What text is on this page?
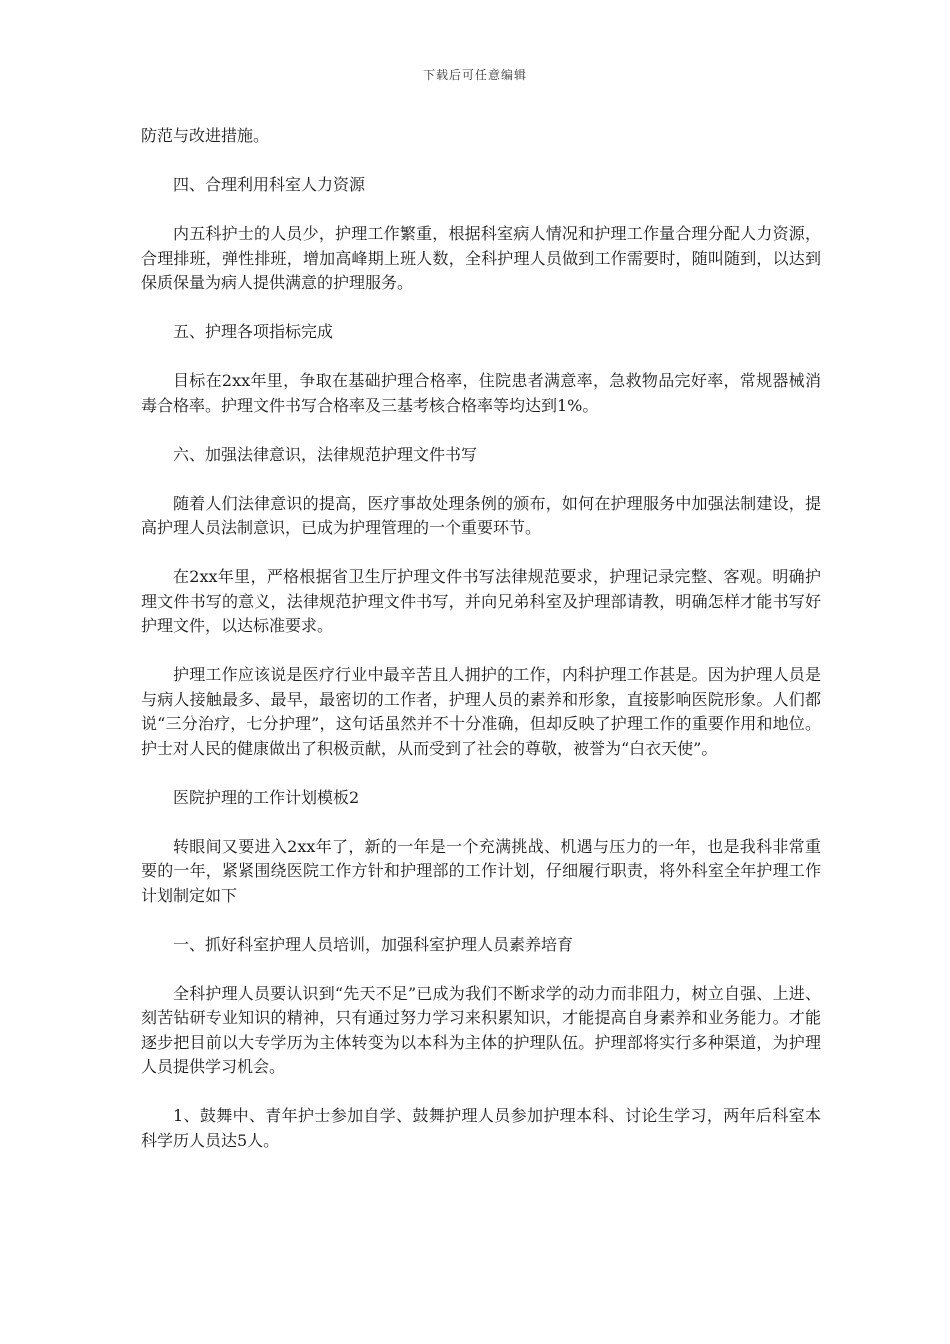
下载后可任意编辑

防范与改进措施。

四、合理利用科室人力资源

内五科护士的人员少，护理工作繁重，根据科室病人情况和护理工作量合理分配人力资源，合理排班，弹性排班，增加高峰期上班人数，全科护理人员做到工作需要时，随叫随到，以达到保质保量为病人提供满意的护理服务。

五、护理各项指标完成

目标在2xx年里，争取在基础护理合格率，住院患者满意率，急救物品完好率，常规器械消毒合格率。护理文件书写合格率及三基考核合格率等均达到1%。

六、加强法律意识，法律规范护理文件书写

随着人们法律意识的提高，医疗事故处理条例的颁布，如何在护理服务中加强法制建设，提高护理人员法制意识，已成为护理管理的一个重要环节。

在2xx年里，严格根据省卫生厅护理文件书写法律规范要求，护理记录完整、客观。明确护理文件书写的意义，法律规范护理文件书写，并向兄弟科室及护理部请教，明确怎样才能书写好护理文件，以达标准要求。

护理工作应该说是医疗行业中最辛苦且人拥护的工作，内科护理工作甚是。因为护理人员是与病人接触最多、最早，最密切的工作者，护理人员的素养和形象，直接影响医院形象。人们都说“三分治疗，七分护理”，这句话虽然并不十分准确，但却反映了护理工作的重要作用和地位。护士对人民的健康做出了积极贡献，从而受到了社会的尊敬，被誉为“白衣天使”。

医院护理的工作计划模板2

转眼间又要进入2xx年了，新的一年是一个充满挑战、机遇与压力的一年，也是我科非常重要的一年，紧紧围绕医院工作方针和护理部的工作计划，仔细履行职责，将外科室全年护理工作计划制定如下

一、抓好科室护理人员培训，加强科室护理人员素养培育

全科护理人员要认识到“先天不足”已成为我们不断求学的动力而非阻力，树立自强、上进、刻苦钻研专业知识的精神，只有通过努力学习来积累知识，才能提高自身素养和业务能力。才能逐步把目前以大专学历为主体转变为以本科为主体的护理队伍。护理部将实行多种渠道，为护理人员提供学习机会。

1、鼓舞中、青年护士参加自学、鼓舞护理人员参加护理本科、讨论生学习，两年后科室本科学历人员达5人。
